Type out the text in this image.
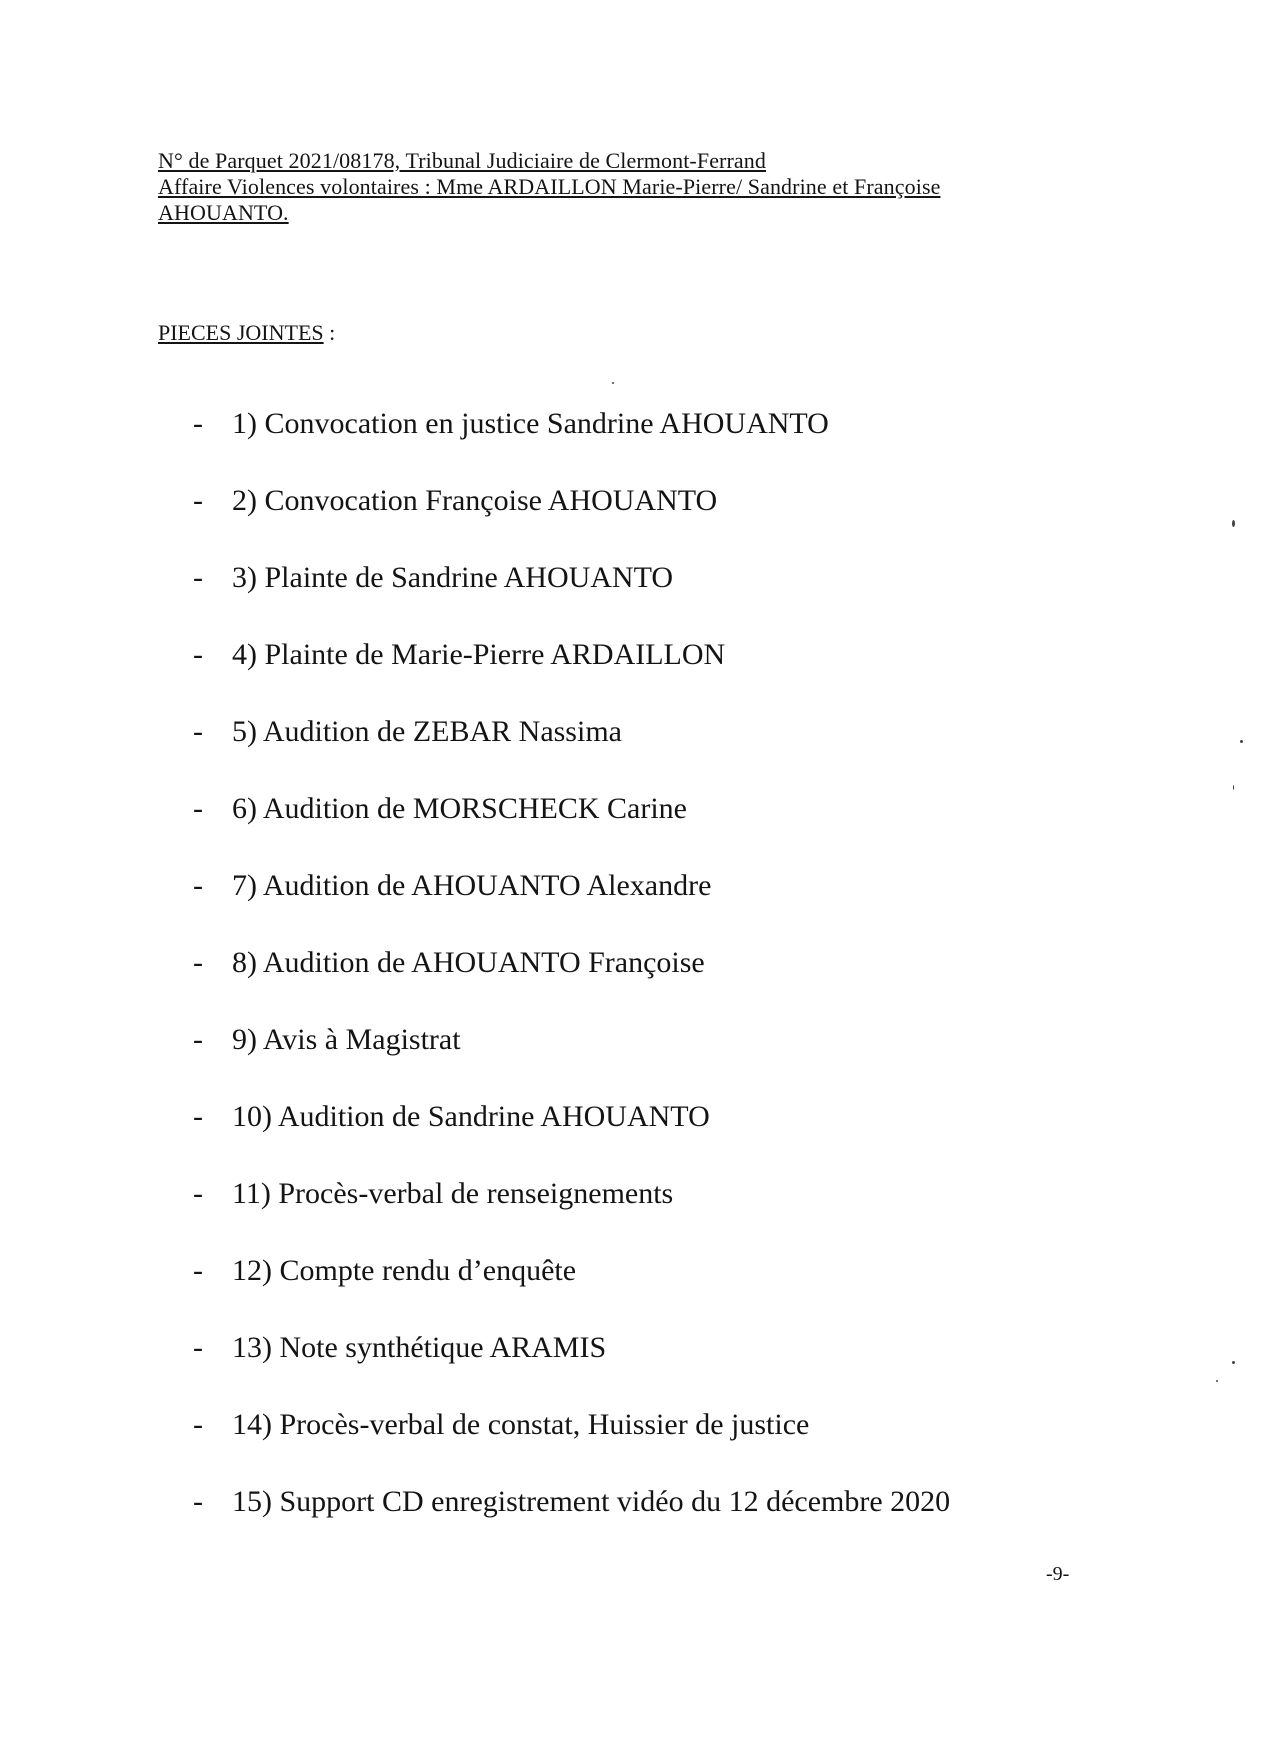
N° de Parquet 2021/08178, Tribunal Judiciaire de Clermont-Ferrand
Affaire Violences volontaires : Mme ARDAILLON Marie-Pierre/ Sandrine et Françoise
AHOUANTO.
PIECES JOINTES :
- 1) Convocation en justice Sandrine AHOUANTO
- 2) Convocation Françoise AHOUANTO
- 3) Plainte de Sandrine AHOUANTO
- 4) Plainte de Marie-Pierre ARDAILLON
- 5) Audition de ZEBAR Nassima
- 6) Audition de MORSCHECK Carine
- 7) Audition de AHOUANTO Alexandre
- 8) Audition de AHOUANTO Françoise
- 9) Avis à Magistrat
- 10) Audition de Sandrine AHOUANTO
- 11) Procès-verbal de renseignements
- 12) Compte rendu d’enquête
- 13) Note synthétique ARAMIS
- 14) Procès-verbal de constat, Huissier de justice
- 15) Support CD enregistrement vidéo du 12 décembre 2020
-9-
